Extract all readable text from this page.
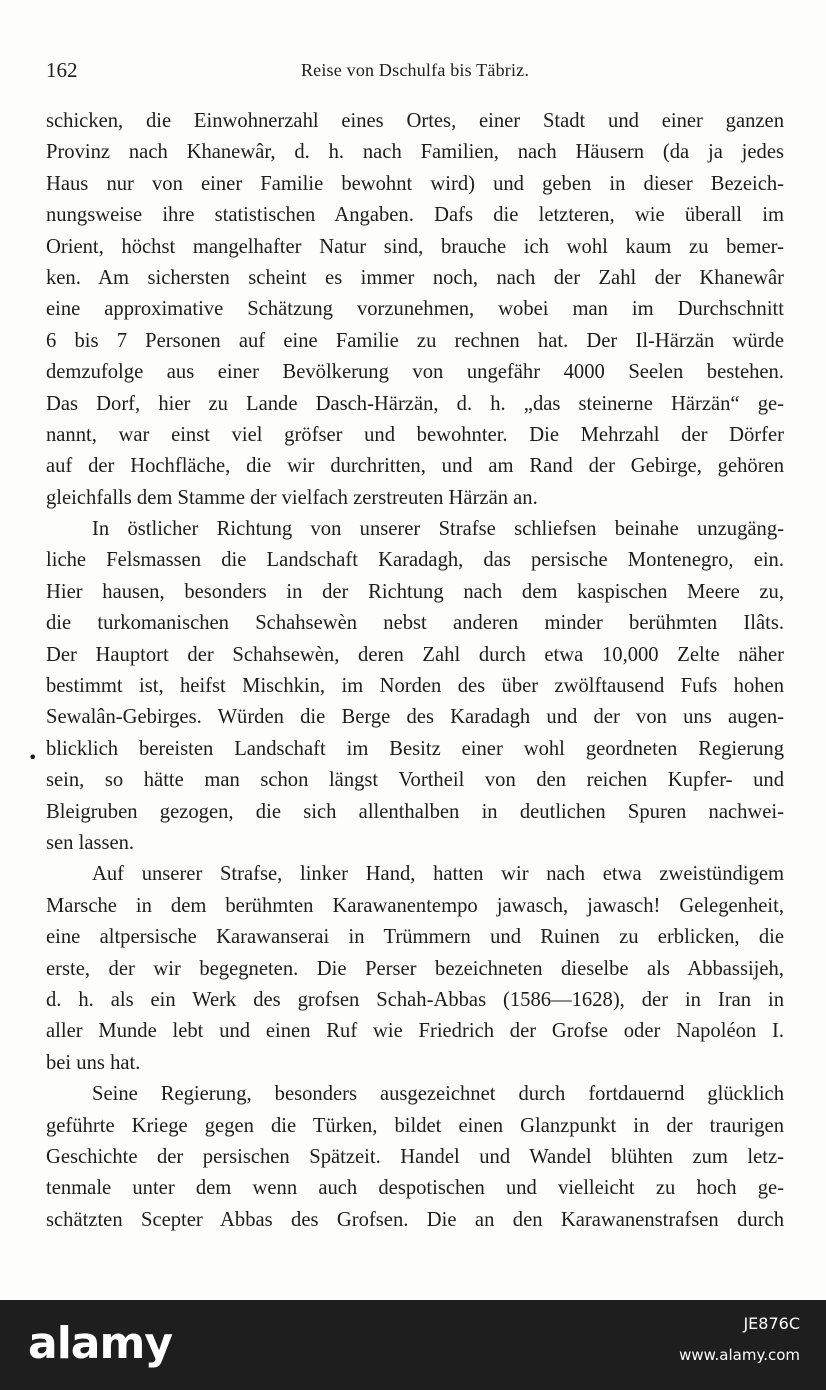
162	Reise von Dschulfa bis Täbriz.
•
schicken, die Einwohnerzahl eines Ortes, einer Stadt und einer ganzen
Provinz nach Khanewâr, d. h. nach Familien, nach Häusern (da ja jedes
Haus nur von einer Familie bewohnt wird) und geben in dieser Bezeich-
nungsweise ihre statistischen Angaben. Dafs die letzteren, wie überall im
Orient, höchst mangelhafter Natur sind, brauche ich wohl kaum zu bemer-
ken. Am sichersten scheint es immer noch, nach der Zahl der Khanewâr
eine approximative Schätzung vorzunehmen, wobei man im Durchschnitt
6 bis 7 Personen auf eine Familie zu rechnen hat. Der Il-Härzän würde
demzufolge aus einer Bevölkerung von ungefähr 4000 Seelen bestehen.
Das Dorf, hier zu Lande Dasch-Härzän, d. h. „das steinerne Härzän“ ge-
nannt, war einst viel gröfser und bewohnter. Die Mehrzahl der Dörfer
auf der Hochfläche, die wir durchritten, und am Rand der Gebirge, gehören
gleichfalls dem Stamme der vielfach zerstreuten Härzän an.
In östlicher Richtung von unserer Strafse schliefsen beinahe unzugäng-
liche Felsmassen die Landschaft Karadagh, das persische Montenegro, ein.
Hier hausen, besonders in der Richtung nach dem kaspischen Meere zu,
die turkomanischen Schahsewèn nebst anderen minder berühmten Ilâts.
Der Hauptort der Schahsewèn, deren Zahl durch etwa 10,000 Zelte näher
bestimmt ist, heifst Mischkin, im Norden des über zwölftausend Fufs hohen
Sewalân-Gebirges. Würden die Berge des Karadagh und der von uns augen-
blicklich bereisten Landschaft im Besitz einer wohl geordneten Regierung
sein, so hätte man schon längst Vortheil von den reichen Kupfer- und
Bleigruben gezogen, die sich allenthalben in deutlichen Spuren nachwei-
sen lassen.
Auf unserer Strafse, linker Hand, hatten wir nach etwa zweistündigem
Marsche in dem berühmten Karawanentempo jawasch, jawasch! Gelegenheit,
eine altpersische Karawanserai in Trümmern und Ruinen zu erblicken, die
erste, der wir begegneten. Die Perser bezeichneten dieselbe als Abbassijeh,
d. h. als ein Werk des grofsen Schah-Abbas (1586—1628), der in Iran in
aller Munde lebt und einen Ruf wie Friedrich der Grofse oder Napoléon I.
bei uns hat.
Seine Regierung, besonders ausgezeichnet durch fortdauernd glücklich
geführte Kriege gegen die Türken, bildet einen Glanzpunkt in der traurigen
Geschichte der persischen Spätzeit. Handel und Wandel blühten zum letz-
tenmale unter dem wenn auch despotischen und vielleicht zu hoch ge-
schätzten Scepter Abbas des Grofsen. Die an den Karawanenstrafsen durch
alamy	JE876C
www.alamy.com
